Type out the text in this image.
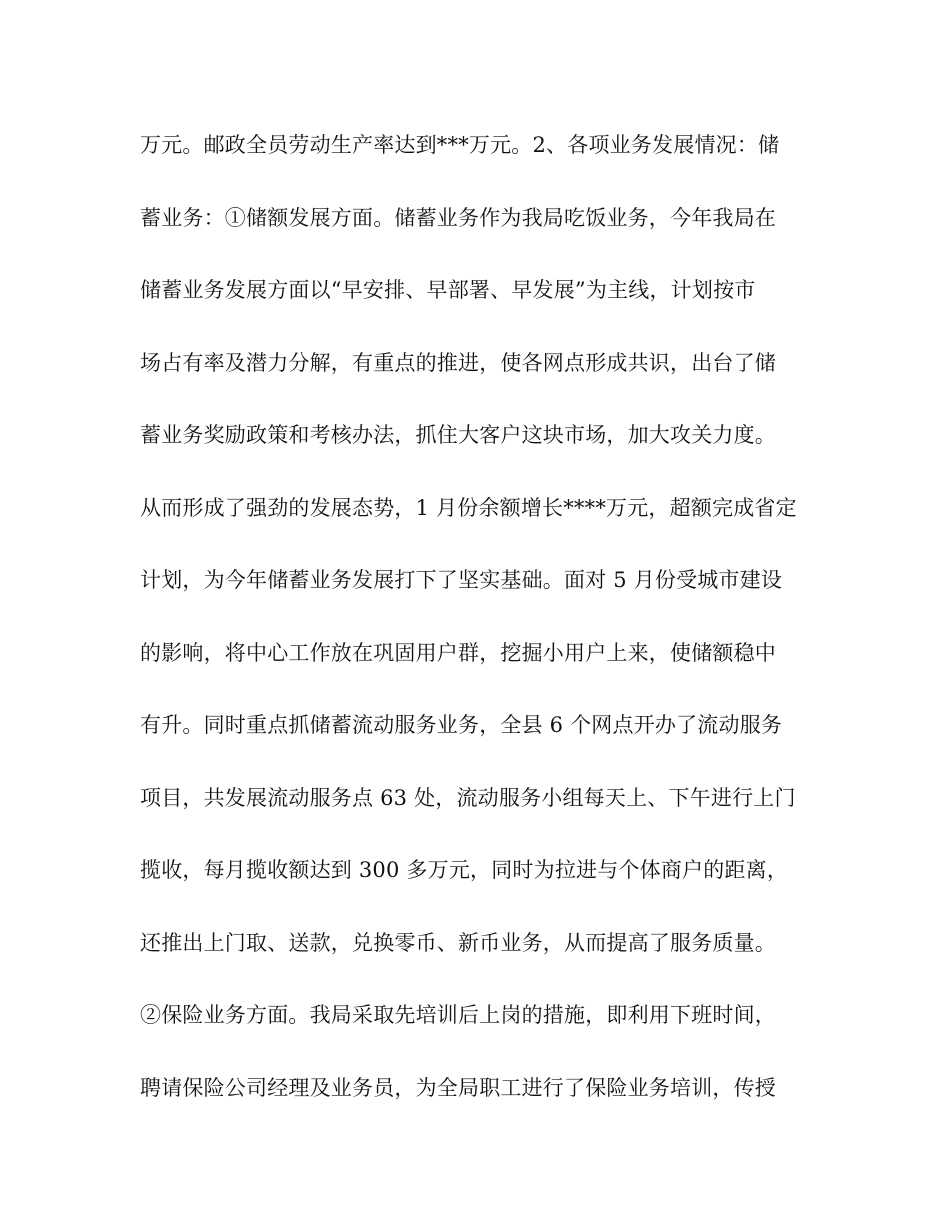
万元。邮政全员劳动生产率达到***万元。2、各项业务发展情况：储
蓄业务：①储额发展方面。储蓄业务作为我局吃饭业务，今年我局在
储蓄业务发展方面以“早安排、早部署、早发展”为主线，计划按市
场占有率及潜力分解，有重点的推进，使各网点形成共识，出台了储
蓄业务奖励政策和考核办法，抓住大客户这块市场，加大攻关力度。
从而形成了强劲的发展态势，1 月份余额增长****万元，超额完成省定
计划，为今年储蓄业务发展打下了坚实基础。面对 5 月份受城市建设
的影响，将中心工作放在巩固用户群，挖掘小用户上来，使储额稳中
有升。同时重点抓储蓄流动服务业务，全县 6 个网点开办了流动服务
项目，共发展流动服务点 63 处，流动服务小组每天上、下午进行上门
揽收，每月揽收额达到 300 多万元，同时为拉进与个体商户的距离，
还推出上门取、送款，兑换零币、新币业务，从而提高了服务质量。
②保险业务方面。我局采取先培训后上岗的措施，即利用下班时间，
聘请保险公司经理及业务员，为全局职工进行了保险业务培训，传授
